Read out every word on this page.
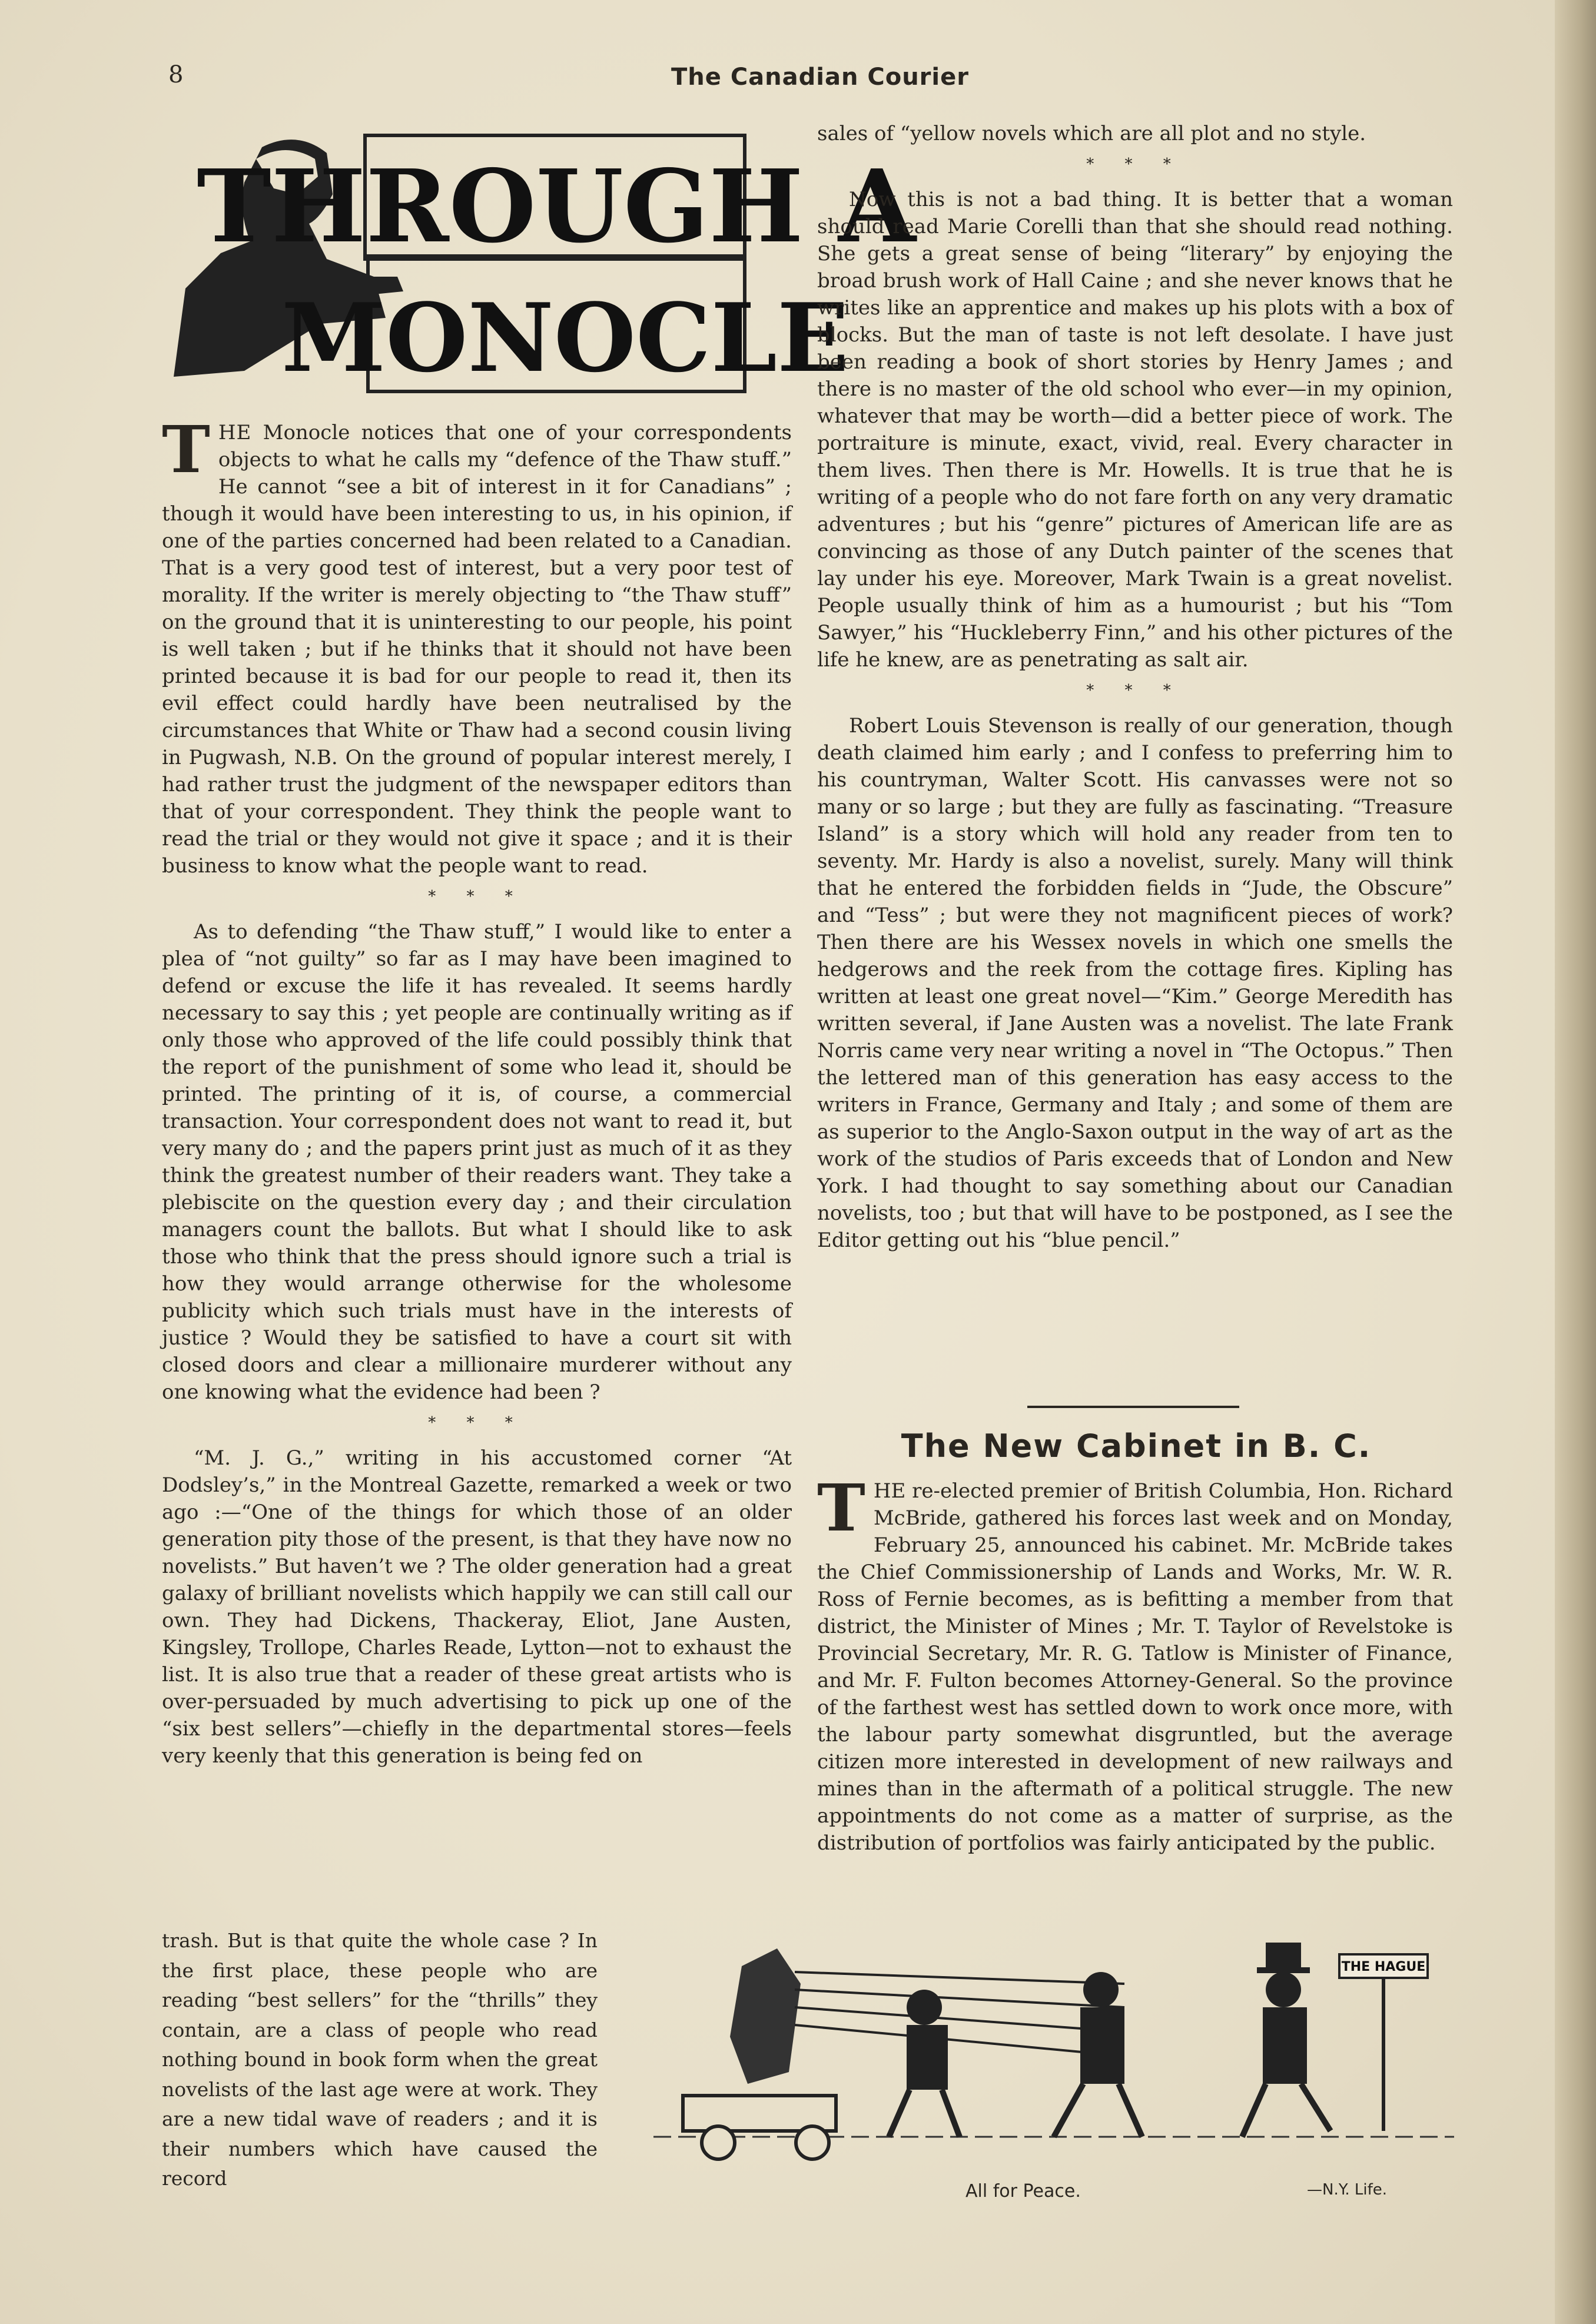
8	The Canadian Courier
THROUGH A
MONOCLE

THE Monocle notices that one of your correspondents objects to what he calls my “defence of the Thaw stuff.” He cannot “see a bit of interest in it for Canadians” ; though it would have been interesting to us, in his opinion, if one of the parties concerned had been related to a Canadian. That is a very good test of interest, but a very poor test of morality. If the writer is merely objecting to “the Thaw stuff” on the ground that it is uninteresting to our people, his point is well taken ; but if he thinks that it should not have been printed because it is bad for our people to read it, then its evil effect could hardly have been neutralised by the circumstances that White or Thaw had a second cousin living in Pugwash, N.B. On the ground of popular interest merely, I had rather trust the judgment of the newspaper editors than that of your correspondent. They think the people want to read the trial or they would not give it space ; and it is their business to know what the people want to read.

* * *

As to defending “the Thaw stuff,” I would like to enter a plea of “not guilty” so far as I may have been imagined to defend or excuse the life it has revealed. It seems hardly necessary to say this ; yet people are continually writing as if only those who approved of the life could possibly think that the report of the punishment of some who lead it, should be printed. The printing of it is, of course, a commercial transaction. Your correspondent does not want to read it, but very many do ; and the papers print just as much of it as they think the greatest number of their readers want. They take a plebiscite on the question every day ; and their circulation managers count the ballots. But what I should like to ask those who think that the press should ignore such a trial is how they would arrange otherwise for the wholesome publicity which such trials must have in the interests of justice ? Would they be satisfied to have a court sit with closed doors and clear a millionaire murderer without any one knowing what the evidence had been ?

* * *

“M. J. G.,” writing in his accustomed corner “At Dodsley’s,” in the Montreal Gazette, remarked a week or two ago :—“One of the things for which those of an older generation pity those of the present, is that they have now no novelists.” But haven’t we ? The older generation had a great galaxy of brilliant novelists which happily we can still call our own. They had Dickens, Thackeray, Eliot, Jane Austen, Kingsley, Trollope, Charles Reade, Lytton—not to exhaust the list. It is also true that a reader of these great artists who is over-persuaded by much advertising to pick up one of the “six best sellers”—chiefly in the departmental stores—feels very keenly that this generation is being fed on

trash. But is that quite the whole case ? In the first place, these people who are reading “best sellers” for the “thrills” they contain, are a class of people who read nothing bound in book form when the great novelists of the last age were at work. They are a new tidal wave of readers ; and it is their numbers which have caused the record

sales of “yellow novels which are all plot and no style.

* * *

Now this is not a bad thing. It is better that a woman should read Marie Corelli than that she should read nothing. She gets a great sense of being “literary” by enjoying the broad brush work of Hall Caine ; and she never knows that he writes like an apprentice and makes up his plots with a box of blocks. But the man of taste is not left desolate. I have just been reading a book of short stories by Henry James ; and there is no master of the old school who ever—in my opinion, whatever that may be worth—did a better piece of work. The portraiture is minute, exact, vivid, real. Every character in them lives. Then there is Mr. Howells. It is true that he is writing of a people who do not fare forth on any very dramatic adventures ; but his “genre” pictures of American life are as convincing as those of any Dutch painter of the scenes that lay under his eye. Moreover, Mark Twain is a great novelist. People usually think of him as a humourist ; but his “Tom Sawyer,” his “Huckleberry Finn,” and his other pictures of the life he knew, are as penetrating as salt air.

* * *

Robert Louis Stevenson is really of our generation, though death claimed him early ; and I confess to preferring him to his countryman, Walter Scott. His canvasses were not so many or so large ; but they are fully as fascinating. “Treasure Island” is a story which will hold any reader from ten to seventy. Mr. Hardy is also a novelist, surely. Many will think that he entered the forbidden fields in “Jude, the Obscure” and “Tess” ; but were they not magnificent pieces of work? Then there are his Wessex novels in which one smells the hedgerows and the reek from the cottage fires. Kipling has written at least one great novel—“Kim.” George Meredith has written several, if Jane Austen was a novelist. The late Frank Norris came very near writing a novel in “The Octopus.” Then the lettered man of this generation has easy access to the writers in France, Germany and Italy ; and some of them are as superior to the Anglo-Saxon output in the way of art as the work of the studios of Paris exceeds that of London and New York. I had thought to say something about our Canadian novelists, too ; but that will have to be postponed, as I see the Editor getting out his “blue pencil.”

The New Cabinet in B. C.

THE re-elected premier of British Columbia, Hon. Richard McBride, gathered his forces last week and on Monday, February 25, announced his cabinet. Mr. McBride takes the Chief Commissionership of Lands and Works, Mr. W. R. Ross of Fernie becomes, as is befitting a member from that district, the Minister of Mines ; Mr. T. Taylor of Revelstoke is Provincial Secretary, Mr. R. G. Tatlow is Minister of Finance, and Mr. F. Fulton becomes Attorney-General. So the province of the farthest west has settled down to work once more, with the labour party somewhat disgruntled, but the average citizen more interested in development of new railways and mines than in the aftermath of a political struggle. The new appointments do not come as a matter of surprise, as the distribution of portfolios was fairly anticipated by the public.

THE HAGUE
All for Peace.	—N.Y. Life.
